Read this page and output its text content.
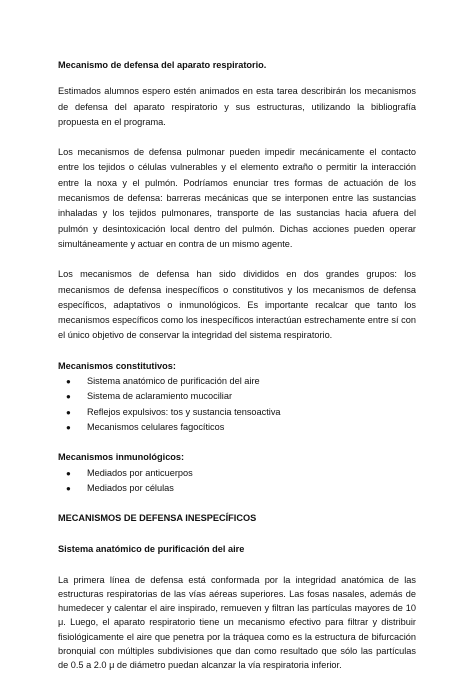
Mecanismo de defensa del aparato respiratorio.

Estimados alumnos espero estén animados en esta tarea describirán los mecanismos de defensa del aparato respiratorio y sus estructuras, utilizando la bibliografía propuesta en el programa.

Los mecanismos de defensa pulmonar pueden impedir mecánicamente el contacto entre los tejidos o células vulnerables y el elemento extraño o permitir la interacción entre la noxa y el pulmón. Podríamos enunciar tres formas de actuación de los mecanismos de defensa: barreras mecánicas que se interponen entre las sustancias inhaladas y los tejidos pulmonares, transporte de las sustancias hacia afuera del pulmón y desintoxicación local dentro del pulmón. Dichas acciones pueden operar simultáneamente y actuar en contra de un mismo agente.

Los mecanismos de defensa han sido divididos en dos grandes grupos: los mecanismos de defensa inespecíficos o constitutivos y los mecanismos de defensa específicos, adaptativos o inmunológicos. Es importante recalcar que tanto los mecanismos específicos como los inespecíficos interactúan estrechamente entre sí con el único objetivo de conservar la integridad del sistema respiratorio.

Mecanismos constitutivos:
● Sistema anatómico de purificación del aire
● Sistema de aclaramiento mucociliar
● Reflejos expulsivos: tos y sustancia tensoactiva
● Mecanismos celulares fagocíticos
Mecanismos inmunológicos:
● Mediados por anticuerpos
● Mediados por células
MECANISMOS DE DEFENSA INESPECÍFICOS
Sistema anatómico de purificación del aire

La primera línea de defensa está conformada por la integridad anatómica de las estructuras respiratorias de las vías aéreas superiores. Las fosas nasales, además de humedecer y calentar el aire inspirado, remueven y filtran las partículas mayores de 10 μ. Luego, el aparato respiratorio tiene un mecanismo efectivo para filtrar y distribuir fisiológicamente el aire que penetra por la tráquea como es la estructura de bifurcación bronquial con múltiples subdivisiones que dan como resultado que sólo las partículas de 0.5 a 2.0 μ de diámetro puedan alcanzar la vía respiratoria inferior.
